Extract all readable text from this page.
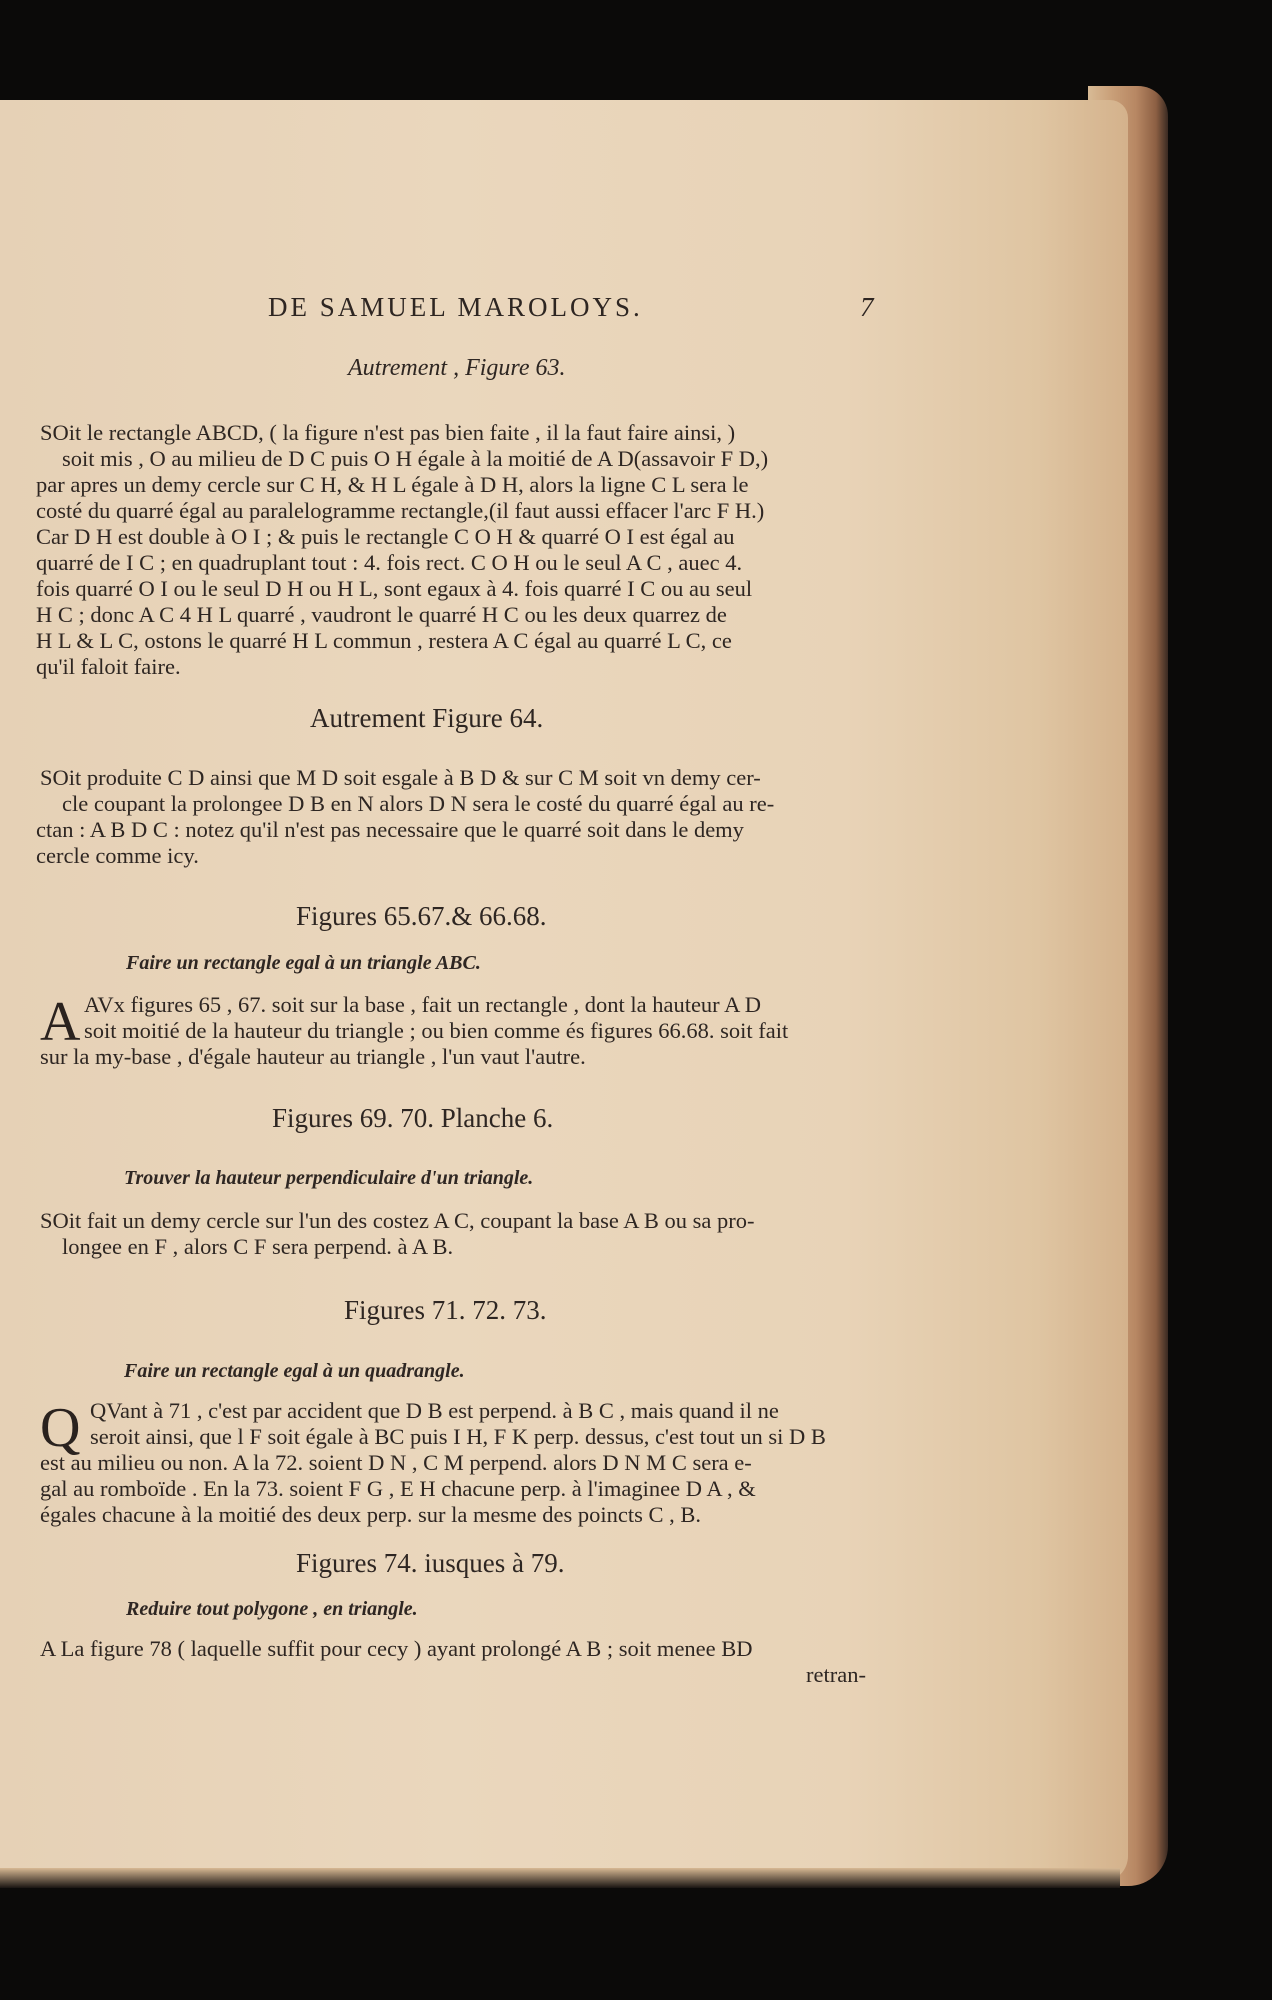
DE SAMUEL MAROLOYS.	7
Autrement , Figure 63.
SOit le rectangle ABCD, ( la figure n'est pas bien faite , il la faut faire ainsi, )
soit mis , O au milieu de D C puis O H égale à la moitié de A D(assavoir F D,)
par apres un demy cercle sur C H, & H L égale à D H, alors la ligne C L sera le
costé du quarré égal au paralelogramme rectangle,(il faut aussi effacer l'arc F H.)
Car D H est double à O I ; & puis le rectangle C O H & quarré O I est égal au
quarré de I C ; en quadruplant tout : 4. fois rect. C O H ou le seul A C , auec 4.
fois quarré O I ou le seul D H ou H L, sont egaux à 4. fois quarré I C ou au seul
H C ; donc A C 4 H L quarré , vaudront le quarré H C ou les deux quarrez de
H L & L C, ostons le quarré H L commun , restera A C égal au quarré L C, ce
qu'il faloit faire.
Autrement Figure 64.
SOit produite C D ainsi que M D soit esgale à B D & sur C M soit vn demy cer-
cle coupant la prolongee D B en N alors D N sera le costé du quarré égal au re-
ctan : A B D C : notez qu'il n'est pas necessaire que le quarré soit dans le demy
cercle comme icy.
Figures 65.67.& 66.68.
Faire un rectangle egal à un triangle ABC.
A AVx figures 65 , 67. soit sur la base , fait un rectangle , dont la hauteur A D
soit moitié de la hauteur du triangle ; ou bien comme és figures 66.68. soit fait
sur la my-base , d'égale hauteur au triangle , l'un vaut l'autre.
Figures 69. 70. Planche 6.
Trouver la hauteur perpendiculaire d'un triangle.
SOit fait un demy cercle sur l'un des costez A C, coupant la base A B ou sa pro-
longee en F , alors C F sera perpend. à A B.
Figures 71. 72. 73.
Faire un rectangle egal à un quadrangle.
Q QVant à 71 , c'est par accident que D B est perpend. à B C , mais quand il ne
seroit ainsi, que l F soit égale à BC puis I H, F K perp. dessus, c'est tout un si D B
est au milieu ou non. A la 72. soient D N , C M perpend. alors D N M C sera e-
gal au romboïde . En la 73. soient F G , E H chacune perp. à l'imaginee D A , &
égales chacune à la moitié des deux perp. sur la mesme des poincts C , B.
Figures 74. iusques à 79.
Reduire tout polygone , en triangle.
A La figure 78 ( laquelle suffit pour cecy ) ayant prolongé A B ; soit menee BD
retran-
